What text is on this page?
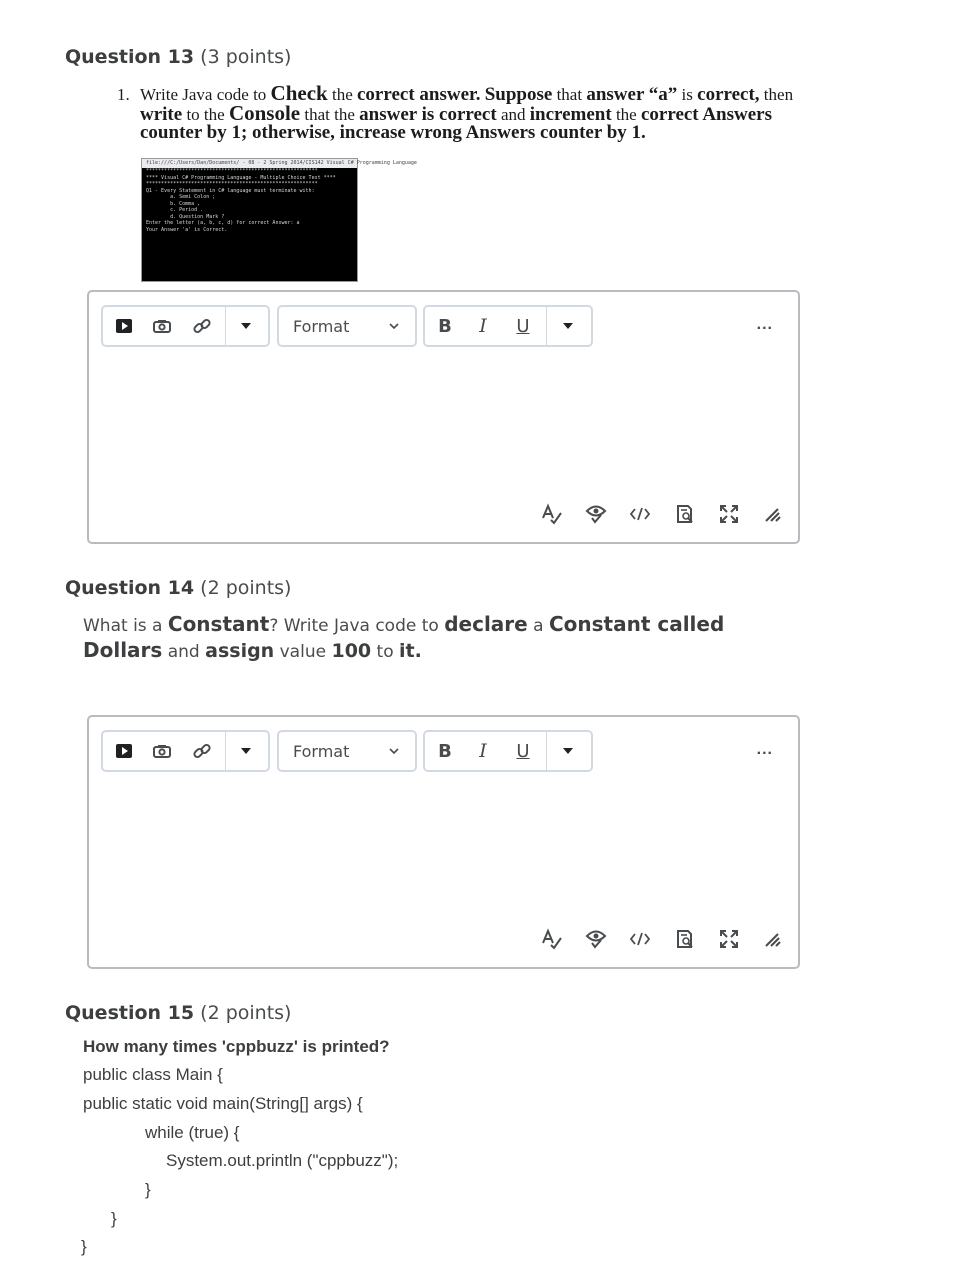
Question 13 (3 points)
1. Write Java code to Check the correct answer. Suppose that answer “a” is correct, then write to the Console that the answer is correct and increment the correct Answers counter by 1; otherwise, increase wrong Answers counter by 1.
file:///C:/Users/Dan/Documents/ - 08 - 2 Spring 2014/CIS142 Visual C# Programming Language
*********************************************************
**** Visual C# Programming Language - Multiple Choice Test ****
*********************************************************
Q1 - Every Statement in C# language must terminate with:
a. Semi Colon ;
b. Comma ,
c. Period .
d. Question Mark ?
Enter the letter (a, b, c, d) for correct Answer: a
Your Answer 'a' is Correct.
Format	B	I	U	...
Question 14 (2 points)
What is a Constant? Write Java code to declare a Constant called Dollars and assign value 100 to it.
Format	B	I	U	...
Question 15 (2 points)
How many times 'cppbuzz' is printed?
public class Main {
public static void main(String[] args) {
while (true) {
System.out.println ("cppbuzz");
}
}
}
